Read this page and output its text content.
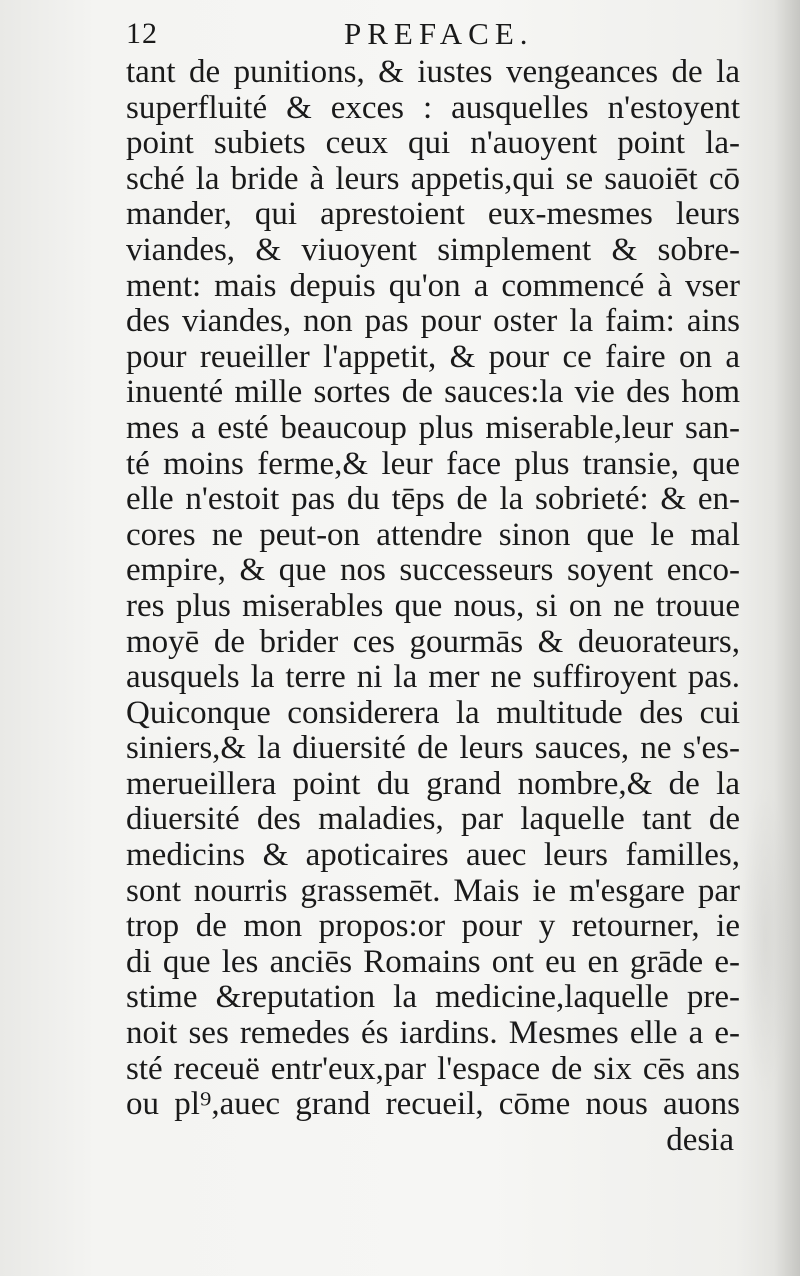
12	PREFACE.
tant de punitions, & iustes vengeances de la
superfluité & exces : ausquelles n'estoyent
point subiets ceux qui n'auoyent point la-
sché la bride à leurs appetis,qui se sauoiēt cō
mander, qui aprestoient eux-mesmes leurs
viandes, & viuoyent simplement & sobre-
ment: mais depuis qu'on a commencé à vser
des viandes, non pas pour oster la faim: ains
pour reueiller l'appetit, & pour ce faire on a
inuenté mille sortes de sauces:la vie des hom
mes a esté beaucoup plus miserable,leur san-
té moins ferme,& leur face plus transie, que
elle n'estoit pas du tēps de la sobrieté: & en-
cores ne peut-on attendre sinon que le mal
empire, & que nos successeurs soyent enco-
res plus miserables que nous, si on ne trouue
moyē de brider ces gourmās & deuorateurs,
ausquels la terre ni la mer ne suffiroyent pas.
Quiconque considerera la multitude des cui
siniers,& la diuersité de leurs sauces, ne s'es-
merueillera point du grand nombre,& de la
diuersité des maladies, par laquelle tant de
medicins & apoticaires auec leurs familles,
sont nourris grassemēt. Mais ie m'esgare par
trop de mon propos:or pour y retourner, ie
di que les anciēs Romains ont eu en grāde e-
stime &reputation la medicine,laquelle pre-
noit ses remedes és iardins. Mesmes elle a e-
sté receuë entr'eux,par l'espace de six cēs ans
ou pl⁹,auec grand recueil, cōme nous auons
desia
